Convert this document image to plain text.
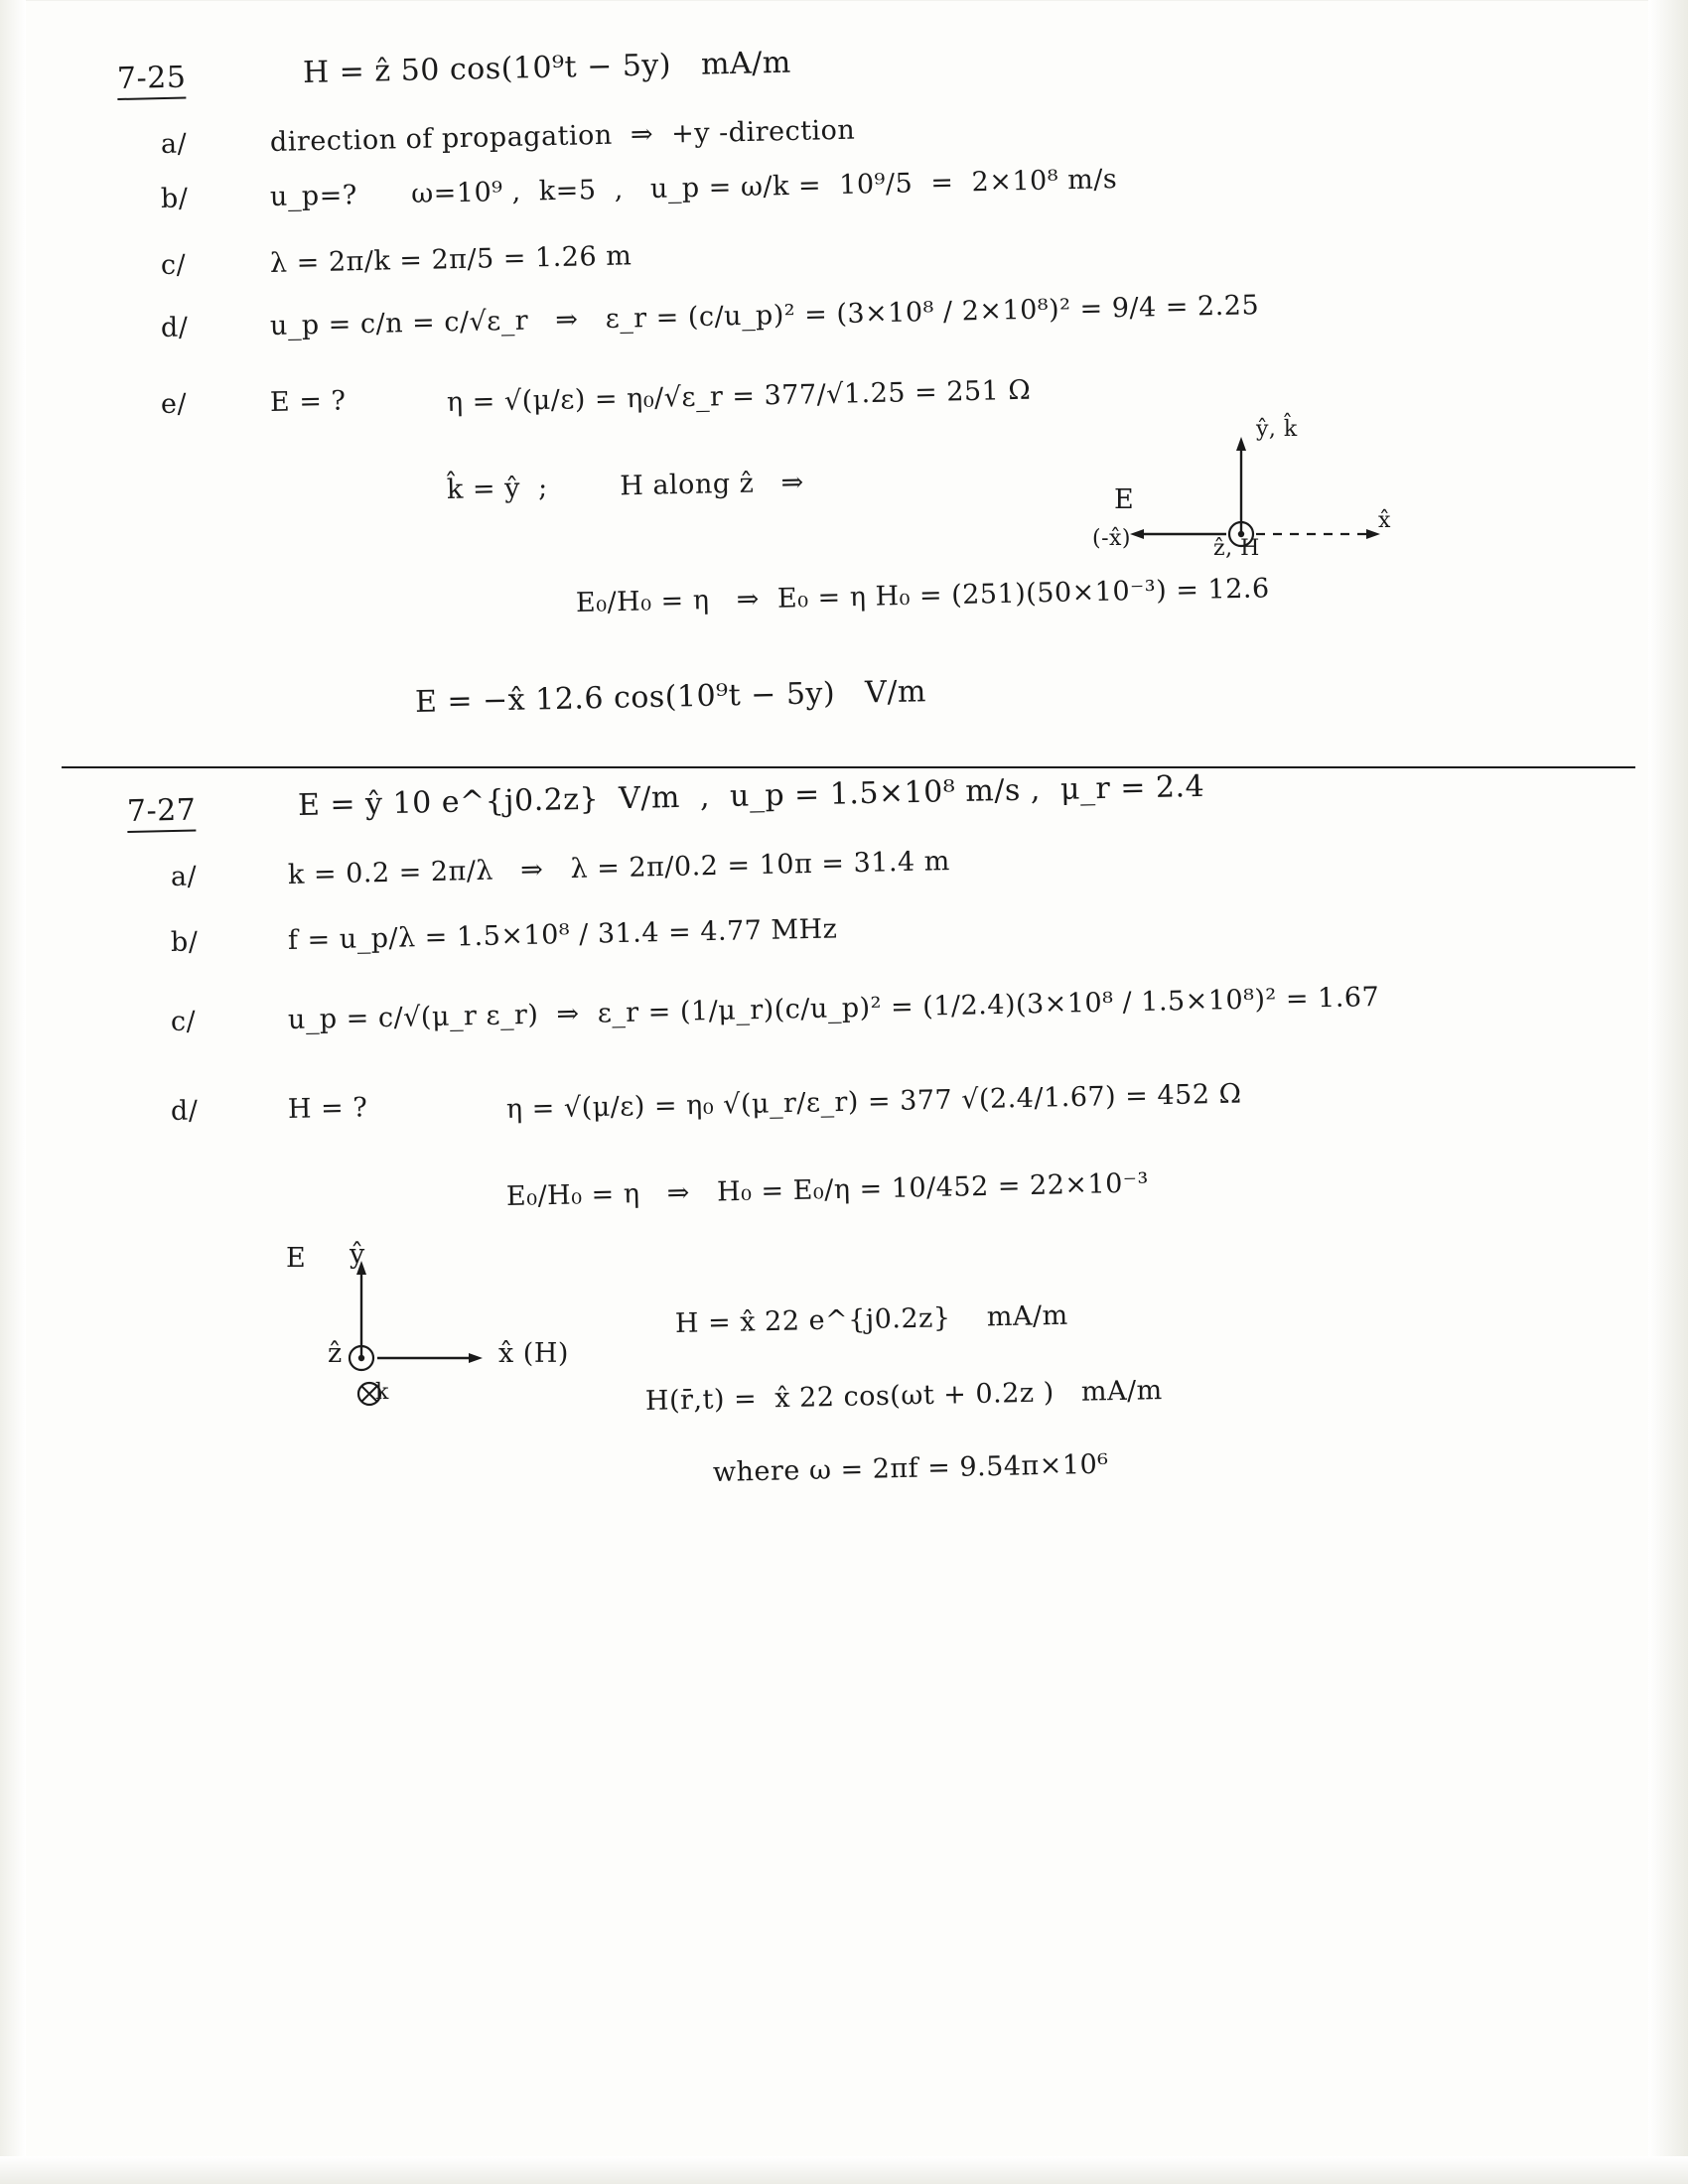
7-25	H = ẑ 50 cos(10⁹t − 5y)   mA/m
a/	direction of propagation  ⇒  +y -direction
b/	u_p=?      ω=10⁹ ,  k=5  ,   u_p = ω/k =  10⁹/5  =  2×10⁸ m/s
c/	λ = 2π/k = 2π/5 = 1.26 m
d/	u_p = c/n = c/√ε_r   ⇒   ε_r = (c/u_p)² = (3×10⁸ / 2×10⁸)² = 9/4 = 2.25
e/	E = ?	η = √(μ/ε) = η₀/√ε_r = 377/√1.25 = 251 Ω
k̂ = ŷ  ;        H along ẑ   ⇒
ŷ, k̂
E
(-x̂)	ẑ, H
x̂
E₀/H₀ = η   ⇒  E₀ = η H₀ = (251)(50×10⁻³) = 12.6
E = −x̂ 12.6 cos(10⁹t − 5y)   V/m
7-27	E = ŷ 10 e^{j0.2z}  V/m  ,  u_p = 1.5×10⁸ m/s ,  μ_r = 2.4
a/	k = 0.2 = 2π/λ   ⇒   λ = 2π/0.2 = 10π = 31.4 m
b/	f = u_p/λ = 1.5×10⁸ / 31.4 = 4.77 MHz
c/	u_p = c/√(μ_r ε_r)  ⇒  ε_r = (1/μ_r)(c/u_p)² = (1/2.4)(3×10⁸ / 1.5×10⁸)² = 1.67
d/	H = ?	η = √(μ/ε) = η₀ √(μ_r/ε_r) = 377 √(2.4/1.67) = 452 Ω
E₀/H₀ = η   ⇒   H₀ = E₀/η = 10/452 = 22×10⁻³
E ŷ
ẑ
k
x̂ (H)
H = x̂ 22 e^{j0.2z}    mA/m
H(r̄,t) =  x̂ 22 cos(ωt + 0.2z )   mA/m
where ω = 2πf = 9.54π×10⁶
